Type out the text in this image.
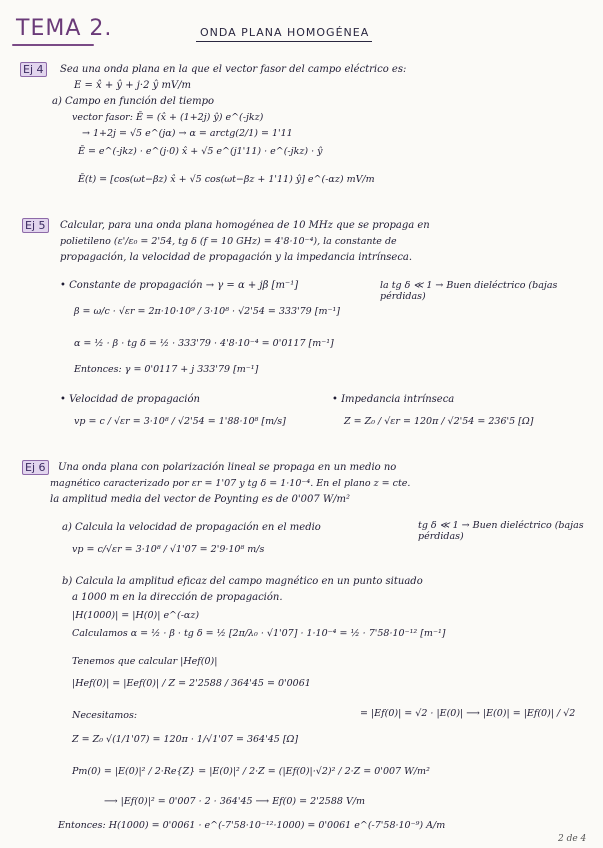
TEMA 2.	ONDA PLANA HOMOGÉNEA
Ej 4	Sea una onda plana en la que el vector fasor del campo eléctrico es:
E = x̂ + ŷ + j·2 ŷ mV/m
a) Campo en función del tiempo
vector fasor: Ē = (x̂ + (1+2j) ŷ) e^(-jkz)
→ 1+2j = √5 e^(jα) → α = arctg(2/1) = 1'11
Ē = e^(-jkz) · e^(j·0) x̂ + √5 e^(j1'11) · e^(-jkz) · ŷ
Ē(t) = [cos(ωt−βz) x̂ + √5 cos(ωt−βz + 1'11) ŷ] e^(-αz) mV/m
Ej 5	Calcular, para una onda plana homogénea de 10 MHz que se propaga en
polietileno (ε'/ε₀ = 2'54, tg δ (f = 10 GHz) = 4'8·10⁻⁴), la constante de
propagación, la velocidad de propagación y la impedancia intrínseca.
• Constante de propagación → γ = α + jβ [m⁻¹]	la tg δ ≪ 1 → Buen dieléctrico (bajas pérdidas)
β = ω/c · √εr = 2π·10·10⁹ / 3·10⁸ · √2'54 = 333'79 [m⁻¹]
α = ½ · β · tg δ = ½ · 333'79 · 4'8·10⁻⁴ = 0'0117 [m⁻¹]
Entonces: γ = 0'0117 + j 333'79 [m⁻¹]
• Velocidad de propagación
vp = c / √εr = 3·10⁸ / √2'54 = 1'88·10⁸ [m/s]
• Impedancia intrínseca
Z = Z₀ / √εr = 120π / √2'54 = 236'5 [Ω]
Ej 6	Una onda plana con polarización lineal se propaga en un medio no
magnético caracterizado por εr = 1'07 y tg δ = 1·10⁻⁴. En el plano z = cte.
la amplitud media del vector de Poynting es de 0'007 W/m²
a) Calcula la velocidad de propagación en el medio	tg δ ≪ 1 → Buen dieléctrico (bajas pérdidas)
vp = c/√εr = 3·10⁸ / √1'07 = 2'9·10⁸ m/s
b) Calcula la amplitud eficaz del campo magnético en un punto situado
a 1000 m en la dirección de propagación.
|H(1000)| = |H(0)| e^(-αz)
Calculamos α = ½ · β · tg δ = ½ [2π/λ₀ · √1'07] · 1·10⁻⁴ = ½ · 7'58·10⁻¹² [m⁻¹]
Tenemos que calcular |Hef(0)|
|Hef(0)| = |Eef(0)| / Z = 2'2588 / 364'45 = 0'0061
Necesitamos:	= |Ef(0)| = √2 · |E(0)| ⟶ |E(0)| = |Ef(0)| / √2
Z = Z₀ √(1/1'07) = 120π · 1/√1'07 = 364'45 [Ω]
Pm(0) = |E(0)|² / 2·Re{Z} = |E(0)|² / 2·Z = (|Ef(0)|·√2)² / 2·Z = 0'007 W/m²
⟶ |Ef(0)|² = 0'007 · 2 · 364'45 ⟶ Ef(0) = 2'2588 V/m
Entonces: H(1000) = 0'0061 · e^(-7'58·10⁻¹²·1000) = 0'0061 e^(-7'58·10⁻⁹) A/m
2 de 4
